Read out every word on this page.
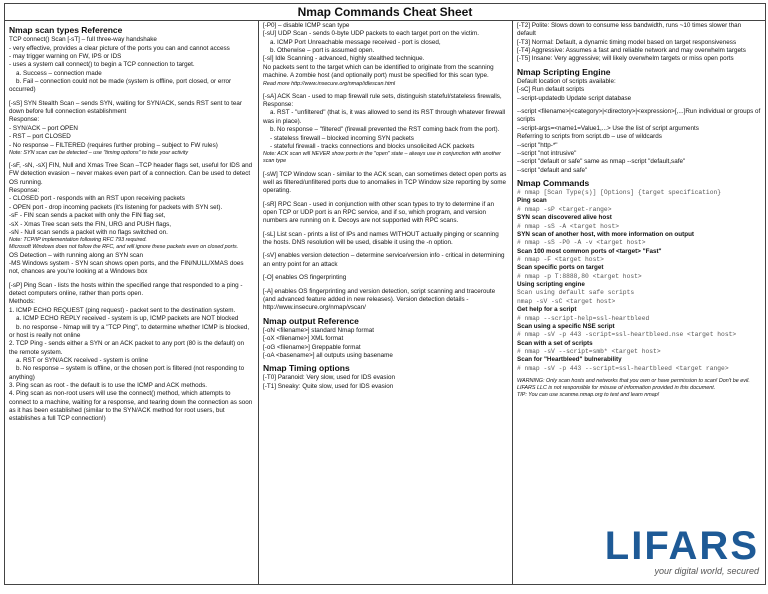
Nmap Commands Cheat Sheet
Nmap scan types Reference
TCP connect() Scan [-sT] – full three-way handshake
- very effective, provides a clear picture of the ports you can and cannot access
- may trigger warning on FW, IPS or IDS
- uses a system call connect() to begin a TCP connection to target.
a. Success – connection made
b. Fail – connection could not be made (system is offline, port closed, or error occurred)
[-sS] SYN Stealth Scan – sends SYN, waiting for SYN/ACK, sends RST sent to tear down before full connection establishment
Response:
- SYN/ACK – port OPEN
- RST – port CLOSED
- No response – FILTERED (requires further probing – subject to FW rules)
Note: SYN scan can be detected – use "timing options" to hide your activity
[-sF, -sN, -sX] FIN, Null and Xmas Tree Scan –TCP header flags set, useful for IDS and FW detection evasion – never makes even part of a connection. Can be used to detect OS running.
Response:
- CLOSED port - responds with an RST upon receiving packets
- OPEN port - drop incoming packets (it's listening for packets with SYN set).
-sF - FIN scan sends a packet with only the FIN flag set,
-sX - Xmas Tree scan sets the FIN, URG and PUSH flags,
-sN - Null scan sends a packet with no flags switched on.
Note: TCP/IP implementation following RFC 793 required.
Microsoft Windows does not follow the RFC, and will ignore these packets even on closed ports.
OS Detection – with running along an SYN scan
-MS Windows system - SYN scan shows open ports, and the FIN/NULL/XMAS does not, chances are you're looking at a Windows box
[-sP] Ping Scan - lists the hosts within the specified range that responded to a ping - detect computers online, rather than ports open.
Methods:
1. ICMP ECHO REQUEST (ping request) - packet sent to the destination system.
a. ICMP ECHO REPLY received - system is up, ICMP packets are NOT blocked
b. no response - Nmap will try a "TCP Ping", to determine whether ICMP is blocked, or host is really not online
2. TCP Ping - sends either a SYN or an ACK packet to any port (80 is the default) on the remote system.
a. RST or SYN/ACK received - system is online
b. No response – system is offline, or the chosen port is filtered (not responding to anything)
3. Ping scan as root - the default is to use the ICMP and ACK methods.
4. Ping scan as non-root users will use the connect() method, which attempts to connect to a machine, waiting for a response, and tearing down the connection as soon as it has been established (similar to the SYN/ACK method for root users, but establishes a full TCP connection!)
[-P0] – disable ICMP scan type
[-sU] UDP Scan - sends 0-byte UDP packets to each target port on the victim.
a. ICMP Port Unreachable message received - port is closed,
b. Otherwise – port is assumed open.
[-sI] Idle Scanning - advanced, highly stealthed technique.
No packets sent to the target which can be identified to originate from the scanning machine. A zombie host (and optionally port) must be specified for this scan type.
Read more http://www.insecure.org/nmap/idlescan.html
[-sA] ACK Scan - used to map firewall rule sets, distinguish stateful/stateless firewalls,
Response:
a. RST - "unfiltered" (that is, it was allowed to send its RST through whatever firewall was in place).
b. No response – "filtered" (firewall prevented the RST coming back from the port).
- stateless firewall – blocked incoming SYN packets
- stateful firewall - tracks connections and blocks unsolicited ACK packets
Note: ACK scan will NEVER show ports in the "open" state – always use in conjunction with another scan type
[-sW] TCP Window scan - similar to the ACK scan, can sometimes detect open ports as well as filtered/unfiltered ports due to anomalies in TCP Window size reporting by some operating.
[-sR] RPC Scan - used in conjunction with other scan types to try to determine if an open TCP or UDP port is an RPC service, and if so, which program, and version numbers are running on it. Decoys are not supported with RPC scans.
[-sL] List scan - prints a list of IPs and names WITHOUT actually pinging or scanning the hosts. DNS resolution will be used, disable it using the -n option.
[-sV] enables version detection – determine service/version info - critical in determining an entry point for an attack
[-O] enables OS fingerprinting
[-A] enables OS fingerprinting and version detection, script scanning and traceroute (and advanced feature added in new releases). Version detection details - http://www.insecure.org/nmap/vscan/
Nmap output Reference
[-oN <filename>] standard Nmap format
[-oX <filename>] XML format
[-oG <filename>] Greppable format
[-oA <basename>] all outputs using basename
Nmap Timing options
[-T0] Paranoid: Very slow, used for IDS evasion
[-T1] Sneaky: Quite slow, used for IDS evasion
[-T2] Polite: Slows down to consume less bandwidth, runs ~10 times slower than default
[-T3] Normal: Default, a dynamic timing model based on target responsiveness
[-T4] Aggressive: Assumes a fast and reliable network and may overwhelm targets
[-T5] Insane: Very aggressive; will likely overwhelm targets or miss open ports
Nmap Scripting Engine
Default location of scripts available:
[-sC] Run default scripts
--script-updatedb Update script database
--script <filename>|<category>|<directory>|<expression>[,...]Run individual or groups of scripts
--script-args=<name1=Value1,...> Use the list of script arguments
Referring to scripts from script.db – use of wildcards
--script "http-*"
--script "not intrusive"
--script "default or safe" same as nmap --script "default,safe"
--script "default and safe"
Nmap Commands
# nmap [Scan Type(s)] [Options] {target specification}
Ping scan
# nmap -sP <target-range>
SYN scan discovered alive host
# nmap -sS -A <target host>
SYN scan of another host, with more information on output
# nmap -sS -P0 -A -v <target host>
Scan 100 most common ports of <target> "Fast"
# nmap -F <target host>
Scan specific ports on target
# nmap -p T:8888,80 <target host>
Using scripting engine
Scan using default safe scripts
nmap -sV -sC <target host>
Get help for a script
# nmap --script-help=ssl-heartbleed
Scan using a specific NSE script
# nmap -sV -p 443 -script=ssl-heartbleed.nse <target host>
Scan with a set of scripts
# nmap -sV --script=smb* <target host>
Scan for "Heartbleed" bulnerability
# nmap -sV -p 443 --script=ssl-heartbleed <target range>
WARNING: Only scan hosts and networks that you own or have permission to scan! Don't be evil. LIFARS LLC is not responsible for misuse of information provided in this document.
TIP: You can use scanme.nmap.org to test and learn nmap!
LIFARS
your digital world, secured
